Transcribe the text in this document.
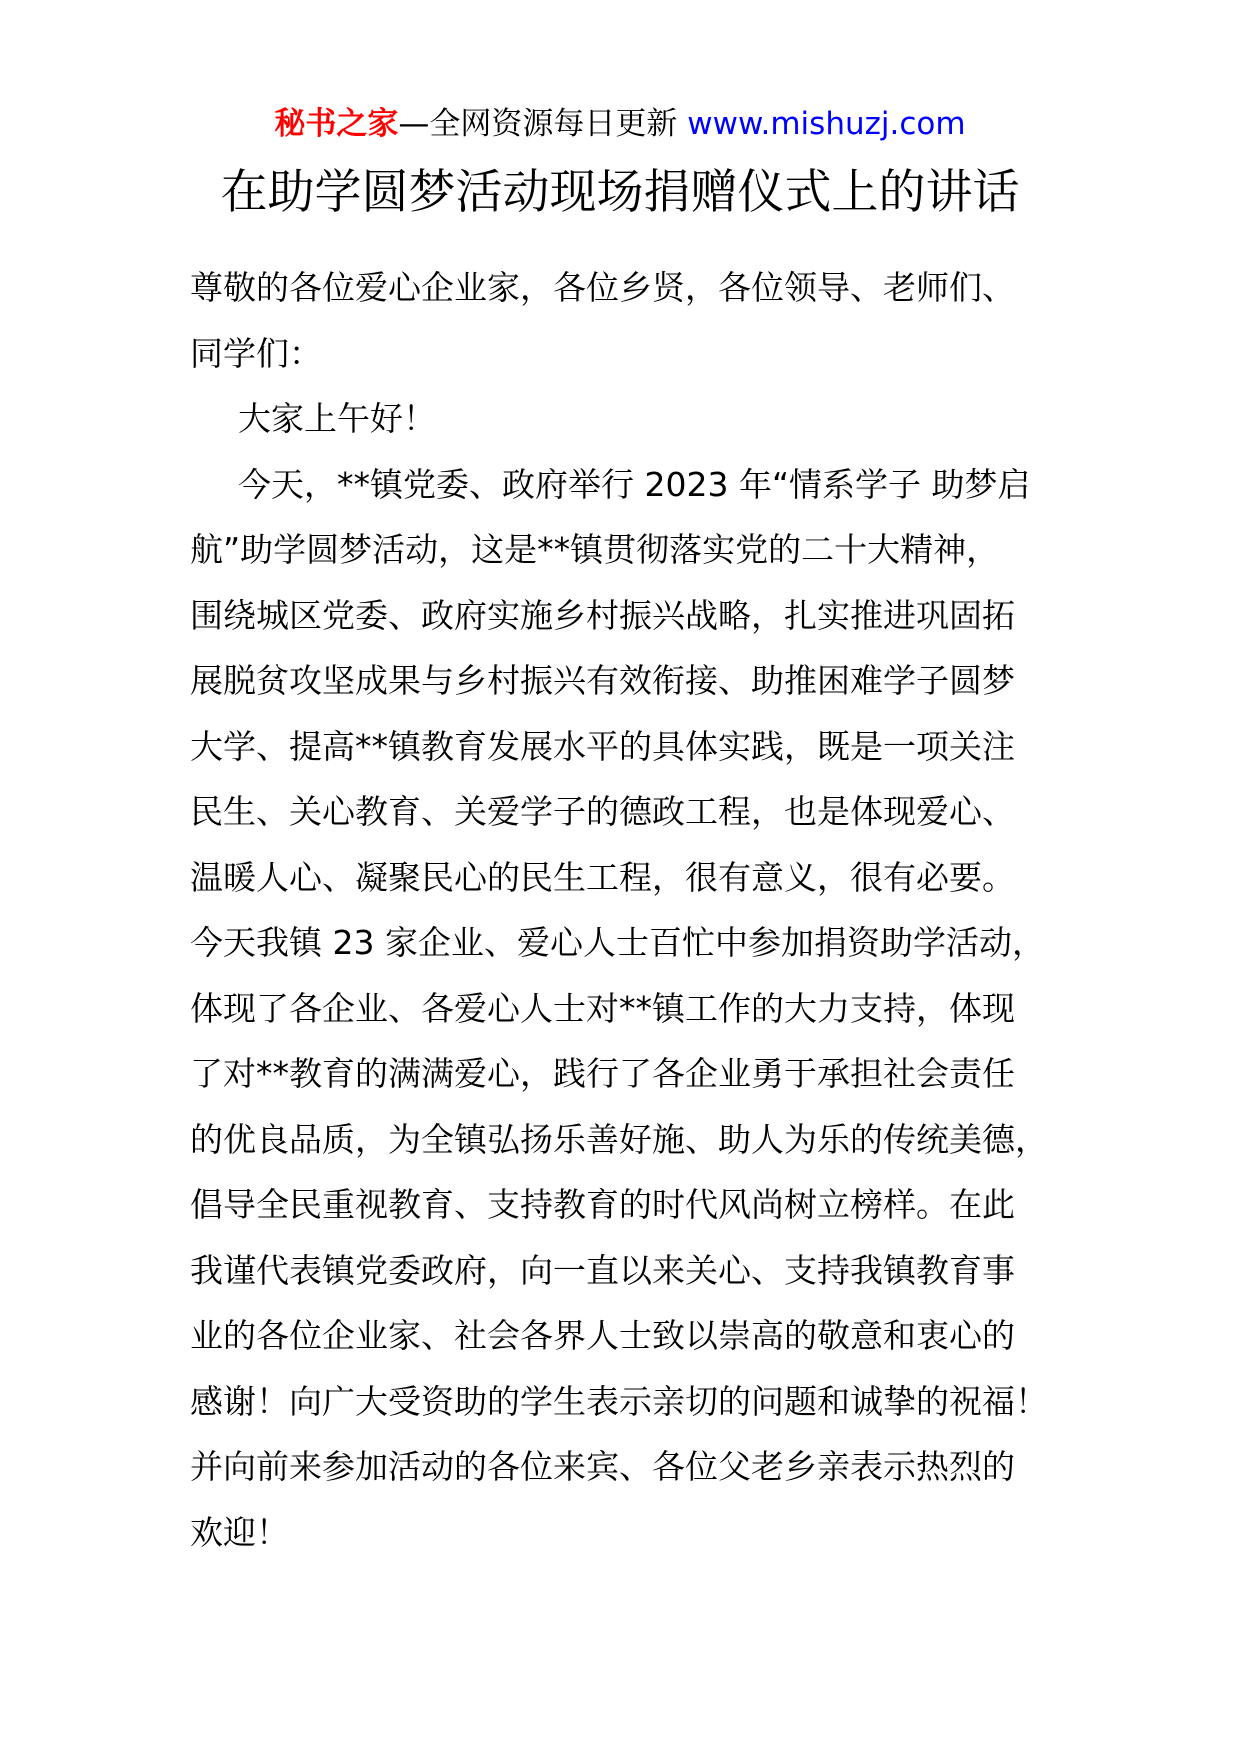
秘书之家—全网资源每日更新 www.mishuzj.com
在助学圆梦活动现场捐赠仪式上的讲话
尊敬的各位爱心企业家，各位乡贤，各位领导、老师们、
同学们：
大家上午好！
今天，**镇党委、政府举行 2023 年“情系学子 助梦启
航”助学圆梦活动，这是**镇贯彻落实党的二十大精神，
围绕城区党委、政府实施乡村振兴战略，扎实推进巩固拓
展脱贫攻坚成果与乡村振兴有效衔接、助推困难学子圆梦
大学、提高**镇教育发展水平的具体实践，既是一项关注
民生、关心教育、关爱学子的德政工程，也是体现爱心、
温暖人心、凝聚民心的民生工程，很有意义，很有必要。
今天我镇 23 家企业、爱心人士百忙中参加捐资助学活动，
体现了各企业、各爱心人士对**镇工作的大力支持，体现
了对**教育的满满爱心，践行了各企业勇于承担社会责任
的优良品质，为全镇弘扬乐善好施、助人为乐的传统美德，
倡导全民重视教育、支持教育的时代风尚树立榜样。在此
我谨代表镇党委政府，向一直以来关心、支持我镇教育事
业的各位企业家、社会各界人士致以崇高的敬意和衷心的
感谢！向广大受资助的学生表示亲切的问题和诚挚的祝福！
并向前来参加活动的各位来宾、各位父老乡亲表示热烈的
欢迎！
